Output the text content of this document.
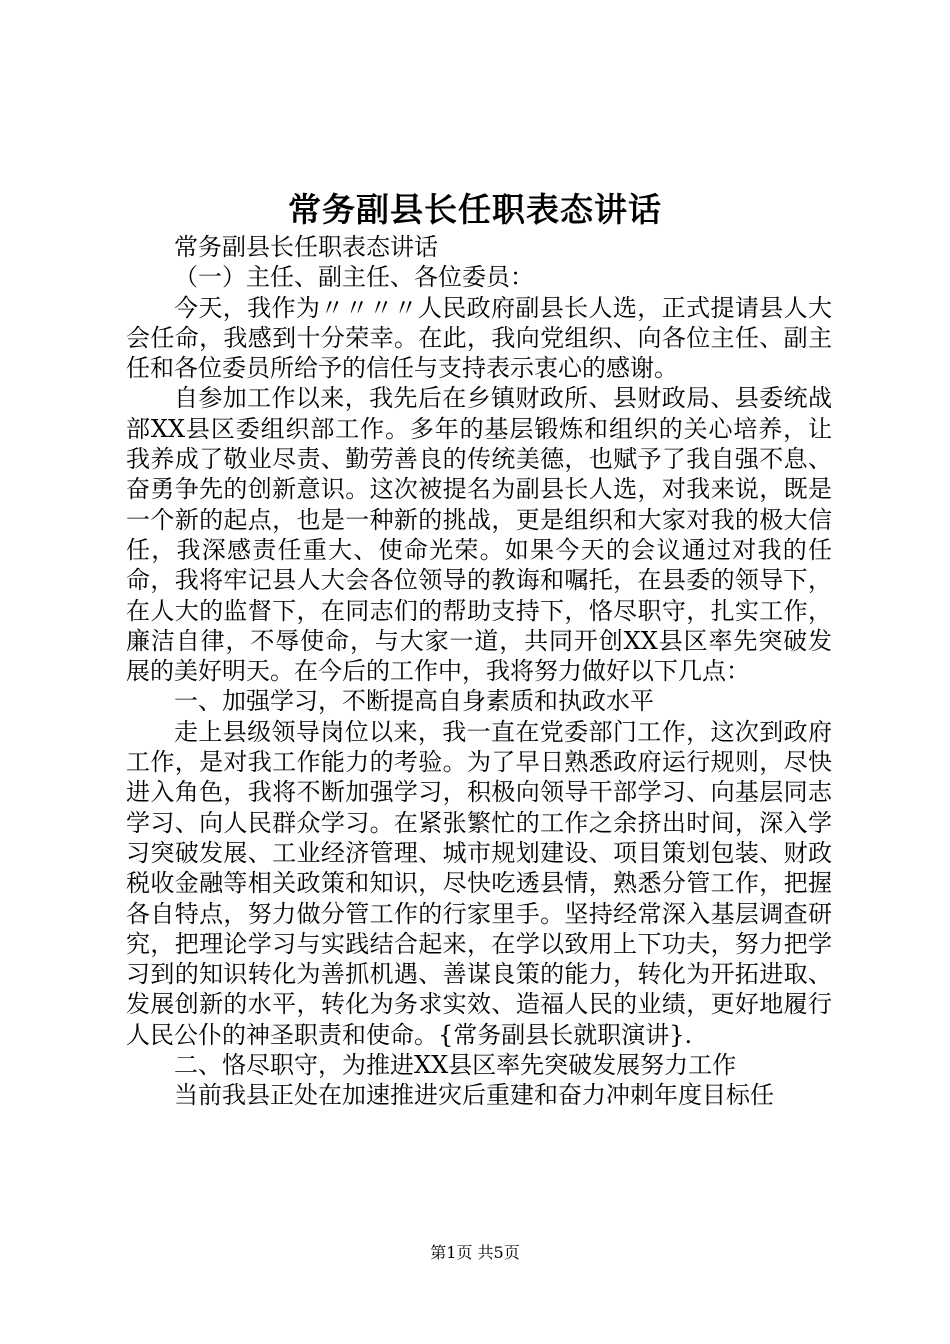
常务副县长任职表态讲话

常务副县长任职表态讲话

（一）主任、副主任、各位委员：

今天，我作为〃〃〃〃人民政府副县长人选，正式提请县人大会任命，我感到十分荣幸。在此，我向党组织、向各位主任、副主任和各位委员所给予的信任与支持表示衷心的感谢。

自参加工作以来，我先后在乡镇财政所、县财政局、县委统战部XX县区委组织部工作。多年的基层锻炼和组织的关心培养，让我养成了敬业尽责、勤劳善良的传统美德，也赋予了我自强不息、奋勇争先的创新意识。这次被提名为副县长人选，对我来说，既是一个新的起点，也是一种新的挑战，更是组织和大家对我的极大信任，我深感责任重大、使命光荣。如果今天的会议通过对我的任命，我将牢记县人大会各位领导的教诲和嘱托，在县委的领导下，在人大的监督下，在同志们的帮助支持下，恪尽职守，扎实工作，廉洁自律，不辱使命，与大家一道，共同开创XX县区率先突破发展的美好明天。在今后的工作中，我将努力做好以下几点：

一、加强学习，不断提高自身素质和执政水平

走上县级领导岗位以来，我一直在党委部门工作，这次到政府工作，是对我工作能力的考验。为了早日熟悉政府运行规则，尽快进入角色，我将不断加强学习，积极向领导干部学习、向基层同志学习、向人民群众学习。在紧张繁忙的工作之余挤出时间，深入学习突破发展、工业经济管理、城市规划建设、项目策划包装、财政税收金融等相关政策和知识，尽快吃透县情，熟悉分管工作，把握各自特点，努力做分管工作的行家里手。坚持经常深入基层调查研究，把理论学习与实践结合起来，在学以致用上下功夫，努力把学习到的知识转化为善抓机遇、善谋良策的能力，转化为开拓进取、发展创新的水平，转化为务求实效、造福人民的业绩，更好地履行人民公仆的神圣职责和使命。{常务副县长就职演讲}.

二、恪尽职守，为推进XX县区率先突破发展努力工作

当前我县正处在加速推进灾后重建和奋力冲刺年度目标任

第1页 共5页
